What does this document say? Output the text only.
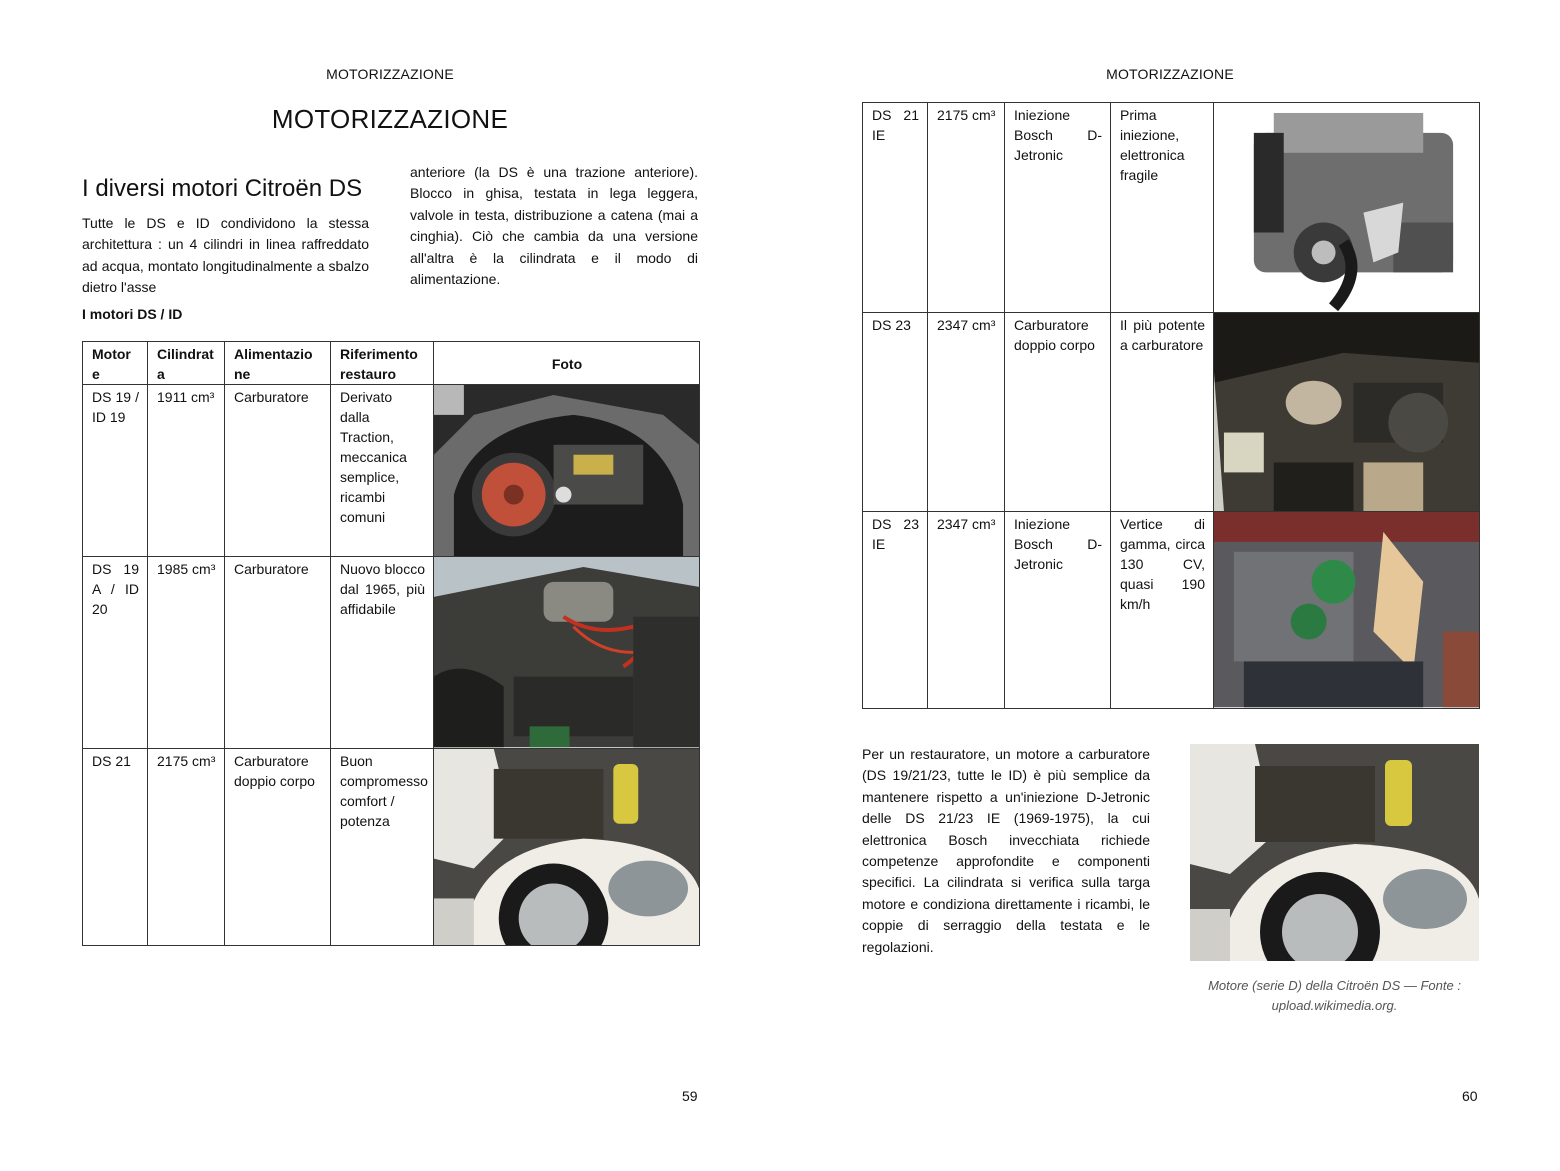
MOTORIZZAZIONE
MOTORIZZAZIONE
I diversi motori Citroën DS
Tutte le DS e ID condividono la stessa architettura : un 4 cilindri in linea raffreddato ad acqua, montato longitudinalmente a sbalzo dietro l'asse
anteriore (la DS è una trazione anteriore). Blocco in ghisa, testata in lega leggera, valvole in testa, distribuzione a catena (mai a cinghia). Ciò che cambia da una versione all'altra è la cilindrata e il modo di alimentazione.
I motori DS / ID
Motor e	Cilindrat a	Alimentazio ne	Riferimento restauro	Foto
DS 19 / ID 19	1911 cm³	Carburatore	Derivato dalla Traction, meccanica semplice, ricambi comuni	

DS 19 A / ID 20	1985 cm³	Carburatore	Nuovo blocco dal 1965, più affidabile	

DS 21	2175 cm³	Carburatore doppio corpo	Buon compromesso comfort / potenza	
59
MOTORIZZAZIONE
DS 21 IE	2175 cm³	Iniezione Bosch D-Jetronic	Prima iniezione, elettronica fragile	

DS 23	2347 cm³	Carburatore doppio corpo	Il più potente a carburatore	

DS 23 IE	2347 cm³	Iniezione Bosch D-Jetronic	Vertice di gamma, circa 130 CV, quasi 190 km/h	
Per un restauratore, un motore a carburatore (DS 19/21/23, tutte le ID) è più semplice da mantenere rispetto a un'iniezione D-Jetronic delle DS 21/23 IE (1969-1975), la cui elettronica Bosch invecchiata richiede competenze approfondite e componenti specifici. La cilindrata si verifica sulla targa motore e condiziona direttamente i ricambi, le coppie di serraggio della testata e le regolazioni.
Motore (serie D) della Citroën DS — Fonte : upload.wikimedia.org.
60
